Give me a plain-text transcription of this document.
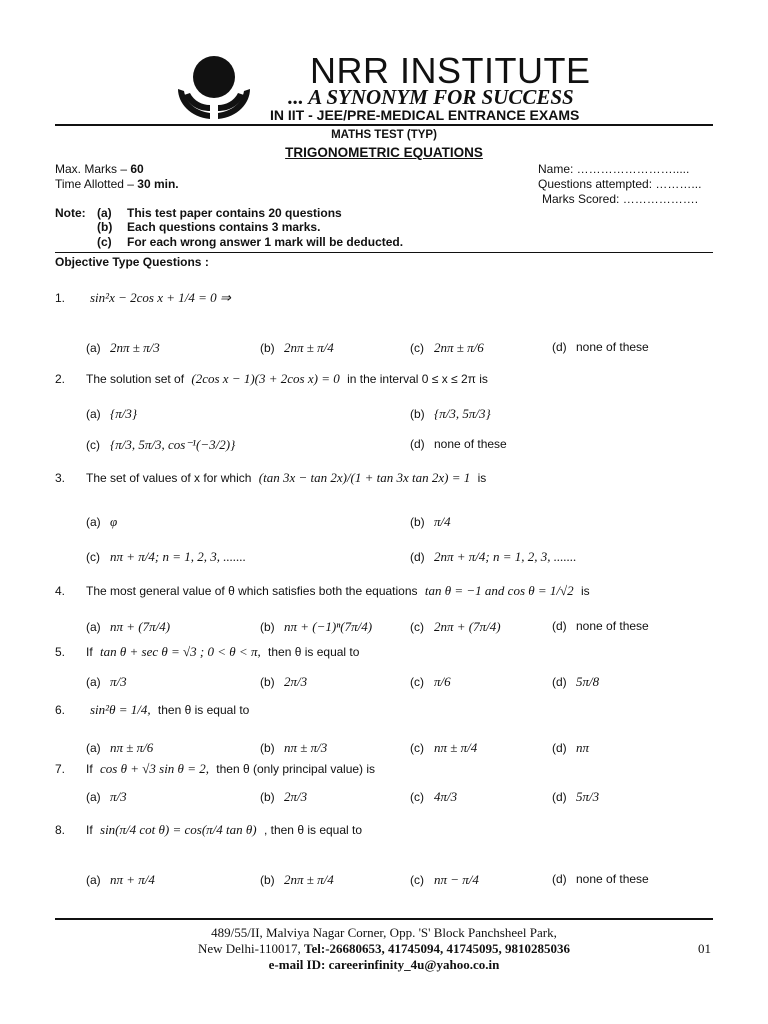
NRR INSTITUTE
... A SYNONYM FOR SUCCESS
IN IIT - JEE/PRE-MEDICAL ENTRANCE EXAMS
MATHS TEST (TYP)
TRIGONOMETRIC EQUATIONS
Max. Marks – 60
Time Allotted – 30 min.
Name: …………………….....
Questions attempted: ………...
Marks Scored: ……………….
Note: (a) This test paper contains 20 questions
(b) Each questions contains 3 marks.
(c) For each wrong answer 1 mark will be deducted.
Objective Type Questions :
1. sin²x − 2cos x + 1/4 = 0 ⇒
(a) 2nπ ± π/3	(b) 2nπ ± π/4	(c) 2nπ ± π/6	(d) none of these
2. The solution set of (2cos x − 1)(3 + 2cos x) = 0 in the interval 0 ≤ x ≤ 2π is
(a) {π/3}	(b) {π/3, 5π/3}
(c) {π/3, 5π/3, cos⁻¹(−3/2)}	(d) none of these
3. The set of values of x for which (tan 3x − tan 2x)/(1 + tan 3x tan 2x) = 1 is
(a) φ	(b) π/4
(c) nπ + π/4; n = 1, 2, 3, .......	(d) 2nπ + π/4; n = 1, 2, 3, .......
4. The most general value of θ which satisfies both the equations tan θ = −1 and cos θ = 1/√2 is
(a) nπ + (7π/4)	(b) nπ + (−1)ⁿ(7π/4)	(c) 2nπ + (7π/4)	(d) none of these
5. If tan θ + sec θ = √3 ; 0 < θ < π, then θ is equal to
(a) π/3	(b) 2π/3	(c) π/6	(d) 5π/8
6. sin²θ = 1/4, then θ is equal to
(a) nπ ± π/6	(b) nπ ± π/3	(c) nπ ± π/4	(d) nπ
7. If cos θ + √3 sin θ = 2, then θ (only principal value) is
(a) π/3	(b) 2π/3	(c) 4π/3	(d) 5π/3
8. If sin(π/4 cot θ) = cos(π/4 tan θ) , then θ is equal to
(a) nπ + π/4	(b) 2nπ ± π/4	(c) nπ − π/4	(d) none of these
489/55/II, Malviya Nagar Corner, Opp. 'S' Block Panchsheel Park,
New Delhi-110017, Tel:-26680653, 41745094, 41745095, 9810285036
e-mail ID: careerinfinity_4u@yahoo.co.in
01
